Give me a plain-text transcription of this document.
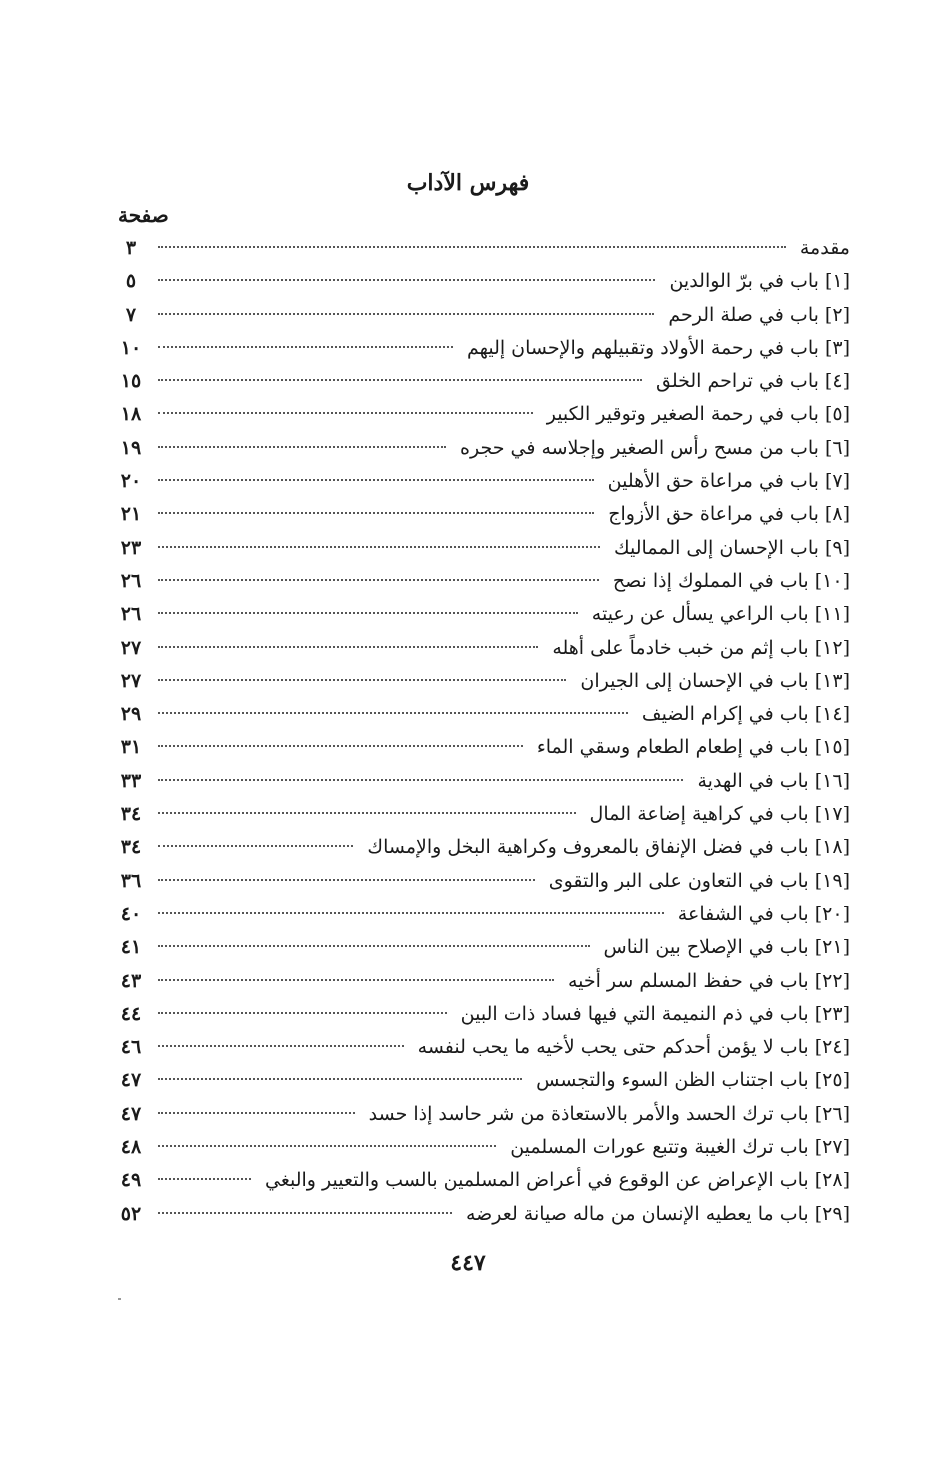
فهرس الآداب
صفحة
مقدمة
٣
[١] باب في برّ الوالدين
٥
[٢] باب في صلة الرحم
٧
[٣] باب في رحمة الأولاد وتقبيلهم والإحسان إليهم
١٠
[٤] باب في تراحم الخلق
١٥
[٥] باب في رحمة الصغير وتوقير الكبير
١٨
[٦] باب من مسح رأس الصغير وإجلاسه في حجره
١٩
[٧] باب في مراعاة حق الأهلين
٢٠
[٨] باب في مراعاة حق الأزواج
٢١
[٩] باب الإحسان إلى المماليك
٢٣
[١٠] باب في المملوك إذا نصح
٢٦
[١١] باب الراعي يسأل عن رعيته
٢٦
[١٢] باب إثم من خبب خادماً على أهله
٢٧
[١٣] باب في الإحسان إلى الجيران
٢٧
[١٤] باب في إكرام الضيف
٢٩
[١٥] باب في إطعام الطعام وسقي الماء
٣١
[١٦] باب في الهدية
٣٣
[١٧] باب في كراهية إضاعة المال
٣٤
[١٨] باب في فضل الإنفاق بالمعروف وكراهية البخل والإمساك
٣٤
[١٩] باب في التعاون على البر والتقوى
٣٦
[٢٠] باب في الشفاعة
٤٠
[٢١] باب في الإصلاح بين الناس
٤١
[٢٢] باب في حفظ المسلم سر أخيه
٤٣
[٢٣] باب في ذم النميمة التي فيها فساد ذات البين
٤٤
[٢٤] باب لا يؤمن أحدكم حتى يحب لأخيه ما يحب لنفسه
٤٦
[٢٥] باب اجتناب الظن السوء والتجسس
٤٧
[٢٦] باب ترك الحسد والأمر بالاستعاذة من شر حاسد إذا حسد
٤٧
[٢٧] باب ترك الغيبة وتتبع عورات المسلمين
٤٨
[٢٨] باب الإعراض عن الوقوع في أعراض المسلمين بالسب والتعيير والبغي
٤٩
[٢٩] باب ما يعطيه الإنسان من ماله صيانة لعرضه
٥٢
٤٤٧
